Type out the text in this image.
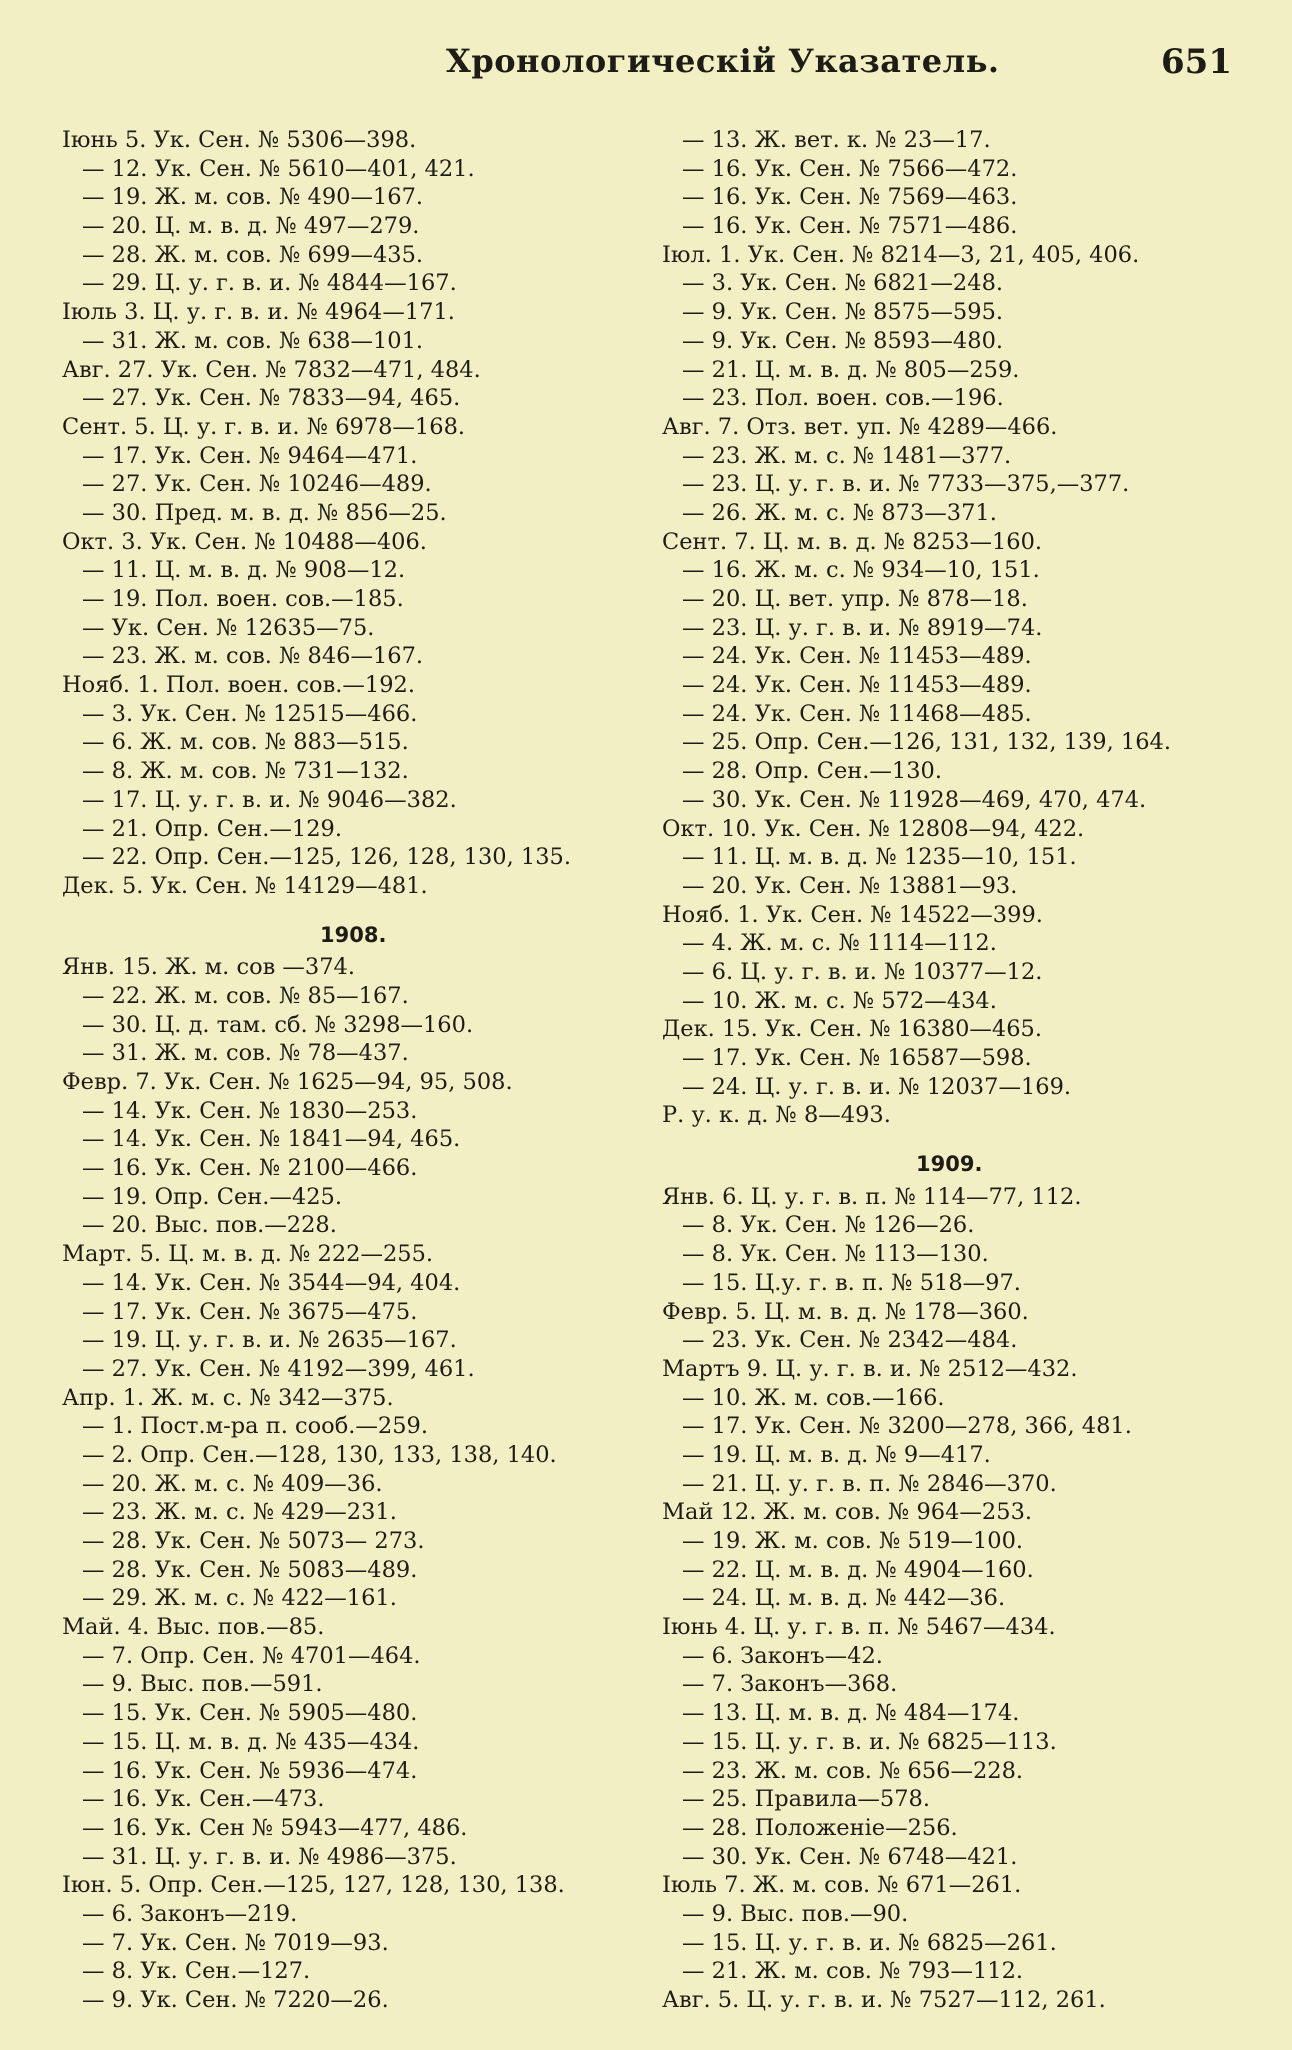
Хронологическій Указатель.	651
Іюнь 5. Ук. Сен. № 5306—398.
— 12. Ук. Сен. № 5610—401, 421.
— 19. Ж. м. сов. № 490—167.
— 20. Ц. м. в. д. № 497—279.
— 28. Ж. м. сов. № 699—435.
— 29. Ц. у. г. в. и. № 4844—167.
Іюль 3. Ц. у. г. в. и. № 4964—171.
— 31. Ж. м. сов. № 638—101.
Авг. 27. Ук. Сен. № 7832—471, 484.
— 27. Ук. Сен. № 7833—94, 465.
Сент. 5. Ц. у. г. в. и. № 6978—168.
— 17. Ук. Сен. № 9464—471.
— 27. Ук. Сен. № 10246—489.
— 30. Пред. м. в. д. № 856—25.
Окт. 3. Ук. Сен. № 10488—406.
— 11. Ц. м. в. д. № 908—12.
— 19. Пол. воен. сов.—185.
— Ук. Сен. № 12635—75.
— 23. Ж. м. сов. № 846—167.
Нояб. 1. Пол. воен. сов.—192.
— 3. Ук. Сен. № 12515—466.
— 6. Ж. м. сов. № 883—515.
— 8. Ж. м. сов. № 731—132.
— 17. Ц. у. г. в. и. № 9046—382.
— 21. Опр. Сен.—129.
— 22. Опр. Сен.—125, 126, 128, 130, 135.
Дек. 5. Ук. Сен. № 14129—481.
1908.
Янв. 15. Ж. м. сов —374.
— 22. Ж. м. сов. № 85—167.
— 30. Ц. д. там. сб. № 3298—160.
— 31. Ж. м. сов. № 78—437.
Февр. 7. Ук. Сен. № 1625—94, 95, 508.
— 14. Ук. Сен. № 1830—253.
— 14. Ук. Сен. № 1841—94, 465.
— 16. Ук. Сен. № 2100—466.
— 19. Опр. Сен.—425.
— 20. Выс. пов.—228.
Март. 5. Ц. м. в. д. № 222—255.
— 14. Ук. Сен. № 3544—94, 404.
— 17. Ук. Сен. № 3675—475.
— 19. Ц. у. г. в. и. № 2635—167.
— 27. Ук. Сен. № 4192—399, 461.
Апр. 1. Ж. м. с. № 342—375.
— 1. Пост.м-ра п. сооб.—259.
— 2. Опр. Сен.—128, 130, 133, 138, 140.
— 20. Ж. м. с. № 409—36.
— 23. Ж. м. с. № 429—231.
— 28. Ук. Сен. № 5073— 273.
— 28. Ук. Сен. № 5083—489.
— 29. Ж. м. с. № 422—161.
Май. 4. Выс. пов.—85.
— 7. Опр. Сен. № 4701—464.
— 9. Выс. пов.—591.
— 15. Ук. Сен. № 5905—480.
— 15. Ц. м. в. д. № 435—434.
— 16. Ук. Сен. № 5936—474.
— 16. Ук. Сен.—473.
— 16. Ук. Сен № 5943—477, 486.
— 31. Ц. у. г. в. и. № 4986—375.
Іюн. 5. Опр. Сен.—125, 127, 128, 130, 138.
— 6. Законъ—219.
— 7. Ук. Сен. № 7019—93.
— 8. Ук. Сен.—127.
— 9. Ук. Сен. № 7220—26.
— 13. Ж. вет. к. № 23—17.
— 16. Ук. Сен. № 7566—472.
— 16. Ук. Сен. № 7569—463.
— 16. Ук. Сен. № 7571—486.
Іюл. 1. Ук. Сен. № 8214—3, 21, 405, 406.
— 3. Ук. Сен. № 6821—248.
— 9. Ук. Сен. № 8575—595.
— 9. Ук. Сен. № 8593—480.
— 21. Ц. м. в. д. № 805—259.
— 23. Пол. воен. сов.—196.
Авг. 7. Отз. вет. уп. № 4289—466.
— 23. Ж. м. с. № 1481—377.
— 23. Ц. у. г. в. и. № 7733—375,—377.
— 26. Ж. м. с. № 873—371.
Сент. 7. Ц. м. в. д. № 8253—160.
— 16. Ж. м. с. № 934—10, 151.
— 20. Ц. вет. упр. № 878—18.
— 23. Ц. у. г. в. и. № 8919—74.
— 24. Ук. Сен. № 11453—489.
— 24. Ук. Сен. № 11453—489.
— 24. Ук. Сен. № 11468—485.
— 25. Опр. Сен.—126, 131, 132, 139, 164.
— 28. Опр. Сен.—130.
— 30. Ук. Сен. № 11928—469, 470, 474.
Окт. 10. Ук. Сен. № 12808—94, 422.
— 11. Ц. м. в. д. № 1235—10, 151.
— 20. Ук. Сен. № 13881—93.
Нояб. 1. Ук. Сен. № 14522—399.
— 4. Ж. м. с. № 1114—112.
— 6. Ц. у. г. в. и. № 10377—12.
— 10. Ж. м. с. № 572—434.
Дек. 15. Ук. Сен. № 16380—465.
— 17. Ук. Сен. № 16587—598.
— 24. Ц. у. г. в. и. № 12037—169.
Р. у. к. д. № 8—493.
1909.
Янв. 6. Ц. у. г. в. п. № 114—77, 112.
— 8. Ук. Сен. № 126—26.
— 8. Ук. Сен. № 113—130.
— 15. Ц.у. г. в. п. № 518—97.
Февр. 5. Ц. м. в. д. № 178—360.
— 23. Ук. Сен. № 2342—484.
Мартъ 9. Ц. у. г. в. и. № 2512—432.
— 10. Ж. м. сов.—166.
— 17. Ук. Сен. № 3200—278, 366, 481.
— 19. Ц. м. в. д. № 9—417.
— 21. Ц. у. г. в. п. № 2846—370.
Май 12. Ж. м. сов. № 964—253.
— 19. Ж. м. сов. № 519—100.
— 22. Ц. м. в. д. № 4904—160.
— 24. Ц. м. в. д. № 442—36.
Іюнь 4. Ц. у. г. в. п. № 5467—434.
— 6. Законъ—42.
— 7. Законъ—368.
— 13. Ц. м. в. д. № 484—174.
— 15. Ц. у. г. в. и. № 6825—113.
— 23. Ж. м. сов. № 656—228.
— 25. Правила—578.
— 28. Положеніе—256.
— 30. Ук. Сен. № 6748—421.
Іюль 7. Ж. м. сов. № 671—261.
— 9. Выс. пов.—90.
— 15. Ц. у. г. в. и. № 6825—261.
— 21. Ж. м. сов. № 793—112.
Авг. 5. Ц. у. г. в. и. № 7527—112, 261.
